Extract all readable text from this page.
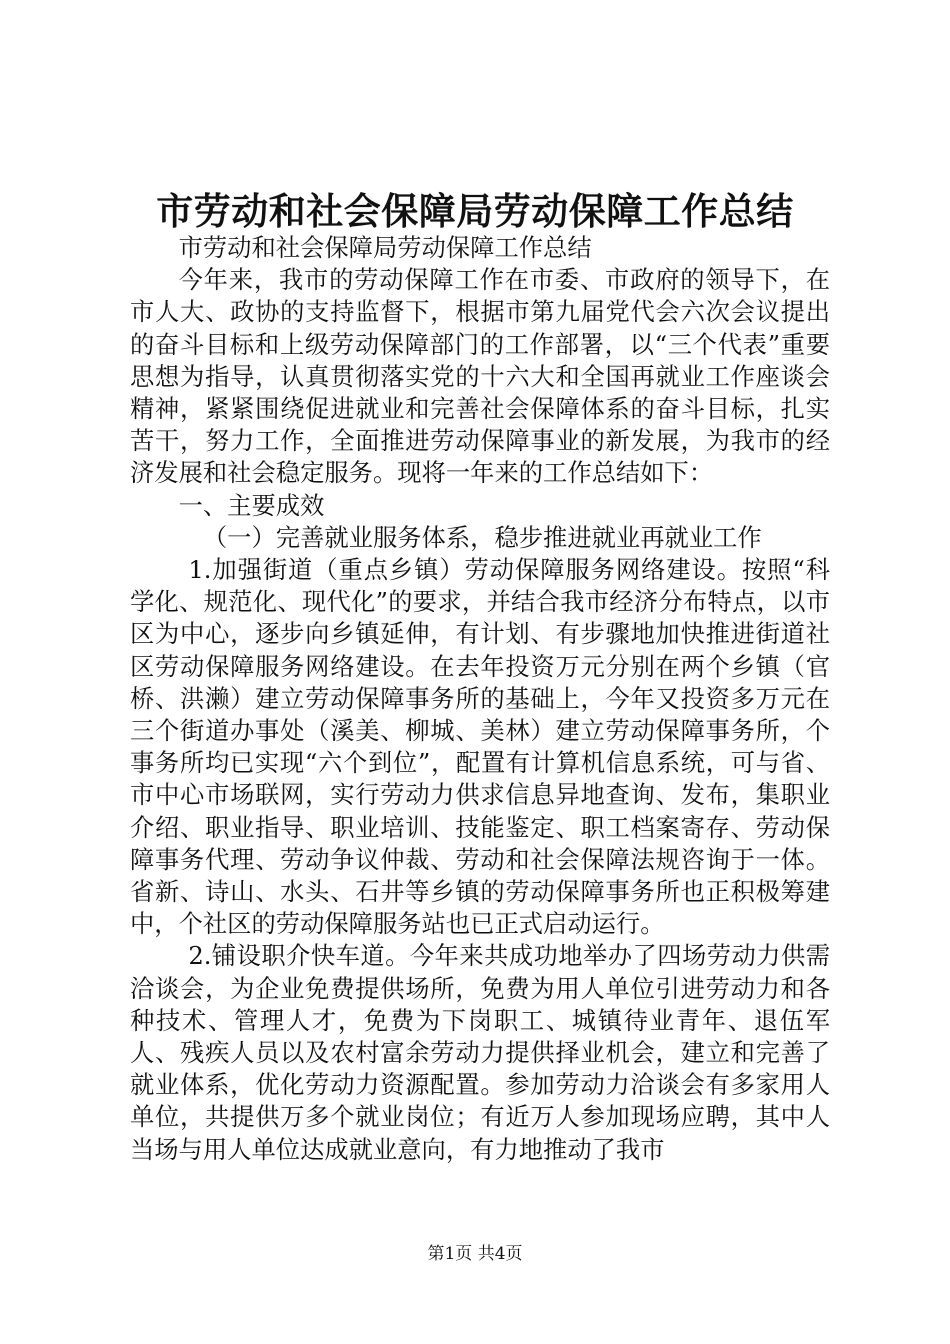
市劳动和社会保障局劳动保障工作总结

市劳动和社会保障局劳动保障工作总结

今年来，我市的劳动保障工作在市委、市政府的领导下，在市人大、政协的支持监督下，根据市第九届党代会六次会议提出的奋斗目标和上级劳动保障部门的工作部署，以“三个代表”重要思想为指导，认真贯彻落实党的十六大和全国再就业工作座谈会精神，紧紧围绕促进就业和完善社会保障体系的奋斗目标，扎实苦干，努力工作，全面推进劳动保障事业的新发展，为我市的经济发展和社会稳定服务。现将一年来的工作总结如下：

一、主要成效

（一）完善就业服务体系，稳步推进就业再就业工作

1.加强街道（重点乡镇）劳动保障服务网络建设。按照“科学化、规范化、现代化”的要求，并结合我市经济分布特点，以市区为中心，逐步向乡镇延伸，有计划、有步骤地加快推进街道社区劳动保障服务网络建设。在去年投资万元分别在两个乡镇（官桥、洪濑）建立劳动保障事务所的基础上，今年又投资多万元在三个街道办事处（溪美、柳城、美林）建立劳动保障事务所，个事务所均已实现“六个到位”，配置有计算机信息系统，可与省、市中心市场联网，实行劳动力供求信息异地查询、发布，集职业介绍、职业指导、职业培训、技能鉴定、职工档案寄存、劳动保障事务代理、劳动争议仲裁、劳动和社会保障法规咨询于一体。省新、诗山、水头、石井等乡镇的劳动保障事务所也正积极筹建中，个社区的劳动保障服务站也已正式启动运行。

2.铺设职介快车道。今年来共成功地举办了四场劳动力供需洽谈会，为企业免费提供场所，免费为用人单位引进劳动力和各种技术、管理人才，免费为下岗职工、城镇待业青年、退伍军人、残疾人员以及农村富余劳动力提供择业机会，建立和完善了就业体系，优化劳动力资源配置。参加劳动力洽谈会有多家用人单位，共提供万多个就业岗位；有近万人参加现场应聘，其中人当场与用人单位达成就业意向，有力地推动了我市

第1页 共4页
